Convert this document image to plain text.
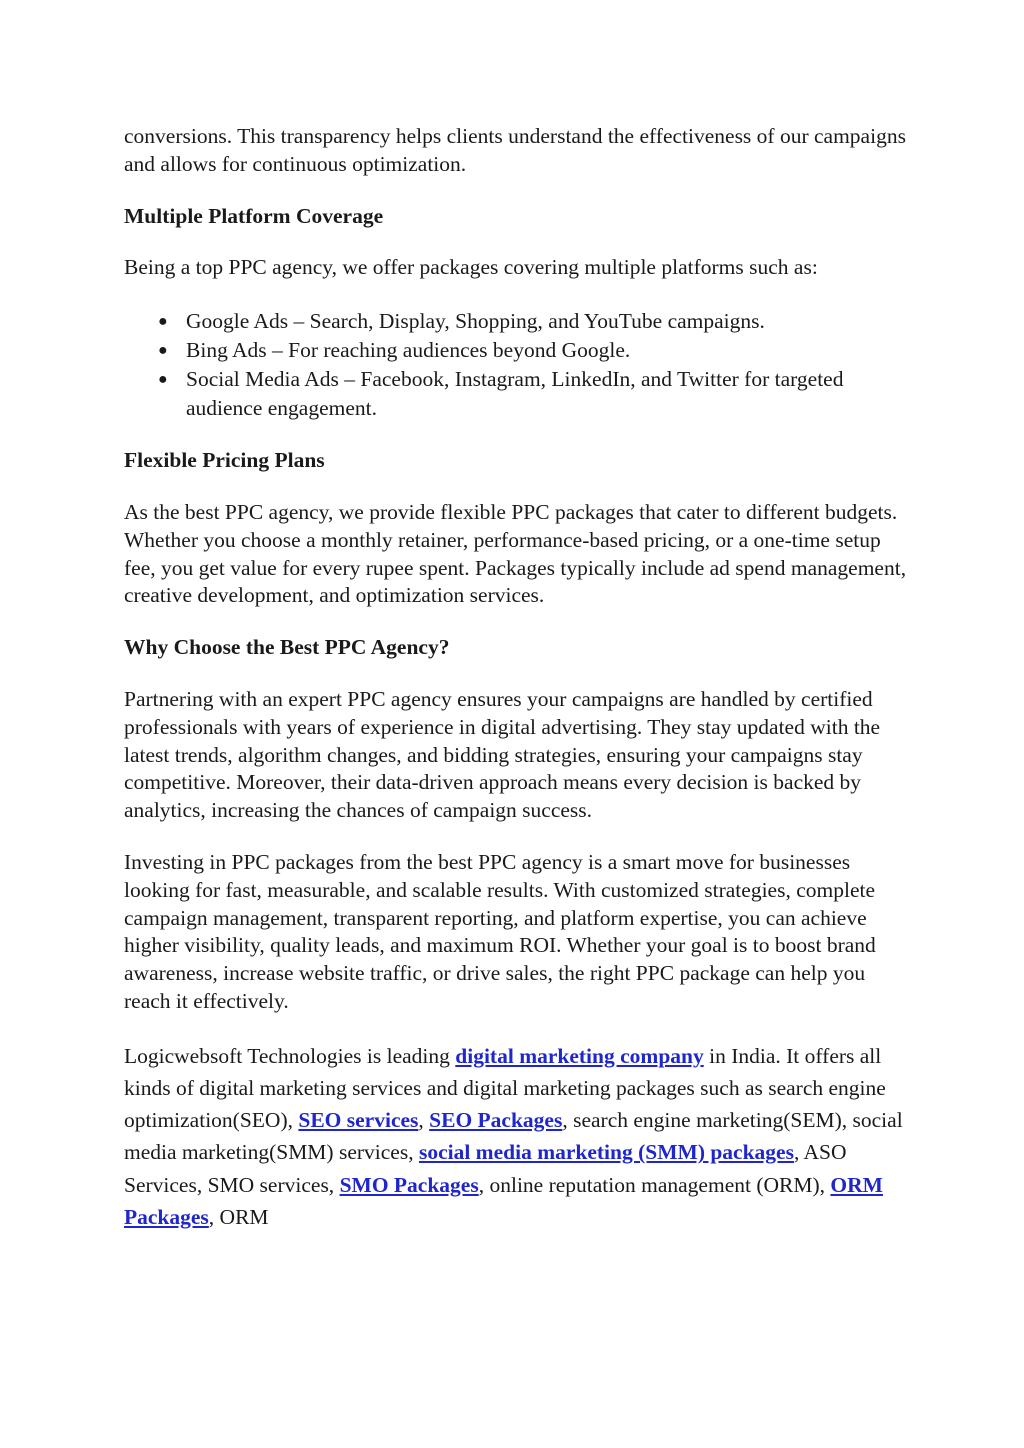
conversions. This transparency helps clients understand the effectiveness of our campaigns and allows for continuous optimization.

Multiple Platform Coverage

Being a top PPC agency, we offer packages covering multiple platforms such as:

● Google Ads – Search, Display, Shopping, and YouTube campaigns.
● Bing Ads – For reaching audiences beyond Google.
● Social Media Ads – Facebook, Instagram, LinkedIn, and Twitter for targeted audience engagement.
Flexible Pricing Plans

As the best PPC agency, we provide flexible PPC packages that cater to different budgets. Whether you choose a monthly retainer, performance-based pricing, or a one-time setup fee, you get value for every rupee spent. Packages typically include ad spend management, creative development, and optimization services.

Why Choose the Best PPC Agency?

Partnering with an expert PPC agency ensures your campaigns are handled by certified professionals with years of experience in digital advertising. They stay updated with the latest trends, algorithm changes, and bidding strategies, ensuring your campaigns stay competitive. Moreover, their data-driven approach means every decision is backed by analytics, increasing the chances of campaign success.

Investing in PPC packages from the best PPC agency is a smart move for businesses looking for fast, measurable, and scalable results. With customized strategies, complete campaign management, transparent reporting, and platform expertise, you can achieve higher visibility, quality leads, and maximum ROI. Whether your goal is to boost brand awareness, increase website traffic, or drive sales, the right PPC package can help you reach it effectively.

Logicwebsoft Technologies is leading digital marketing company in India. It offers all kinds of digital marketing services and digital marketing packages such as search engine optimization(SEO), SEO services, SEO Packages, search engine marketing(SEM), social media marketing(SMM) services, social media marketing (SMM) packages, ASO Services, SMO services, SMO Packages, online reputation management (ORM), ORM Packages, ORM
